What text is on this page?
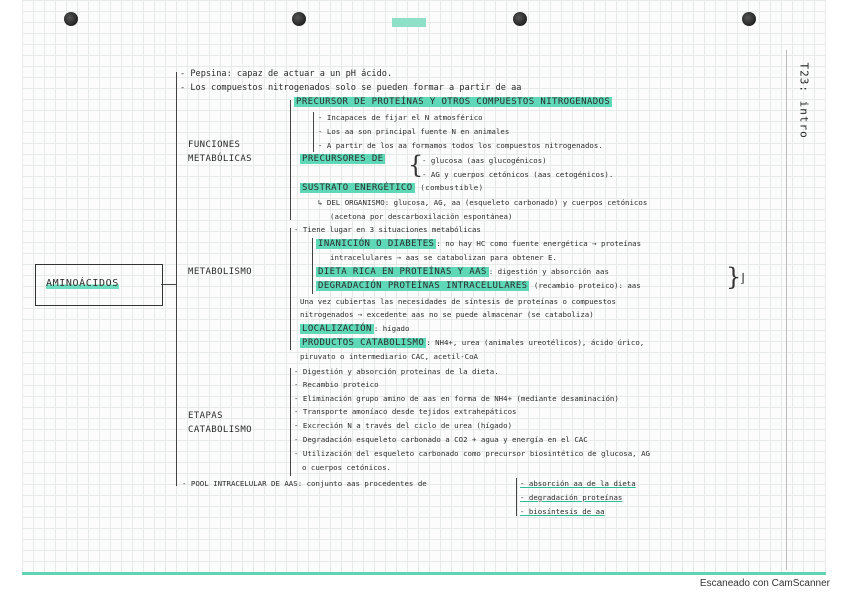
T23: intro
AMINOÁCIDOS
- Pepsina: capaz de actuar a un pH ácido.
- Los compuestos nitrogenados solo se pueden formar a partir de aa
FUNCIONES
METABÓLICAS
PRECURSOR DE PROTEÍNAS Y OTROS COMPUESTOS NITROGENADOS
- Incapaces de fijar el N atmosférico
- Los aa son principal fuente N en animales
- A partir de los aa formamos todos los compuestos nitrogenados.
PRECURSORES DE {
- glucosa (aas glucogénicos)
- AG y cuerpos cetónicos (aas cetogénicos).
SUSTRATO ENERGÉTICO (combustible)
↳ DEL ORGANISMO: glucosa, AG, aa (esqueleto carbonado) y cuerpos cetónicos
(acetona por descarboxilación espontánea)
METABOLISMO
- Tiene lugar en 3 situaciones metabólicas
INANICIÓN O DIABETES : no hay HC como fuente energética → proteínas
intracelulares → aas se catabolizan para obtener E.
DIETA RICA EN PROTEÍNAS Y AAS : digestión y absorción aas
DEGRADACIÓN PROTEÍNAS INTRACELULARES (recambio proteico): aas	}
⌋
Una vez cubiertas las necesidades de síntesis de proteínas o compuestos
nitrogenados → excedente aas no se puede almacenar (se cataboliza)
LOCALIZACIÓN : hígado
PRODUCTOS CATABOLISMO : NH4+, urea (animales ureotélicos), ácido úrico,
piruvato o intermediario CAC, acetil-CoA
ETAPAS
CATABOLISMO
- Digestión y absorción proteínas de la dieta.
- Recambio proteico
- Eliminación grupo amino de aas en forma de NH4+ (mediante desaminación)
- Transporte amoníaco desde tejidos extrahepáticos
- Excreción N a través del ciclo de urea (hígado)
- Degradación esqueleto carbonado a CO2 + agua y energía en el CAC
- Utilización del esqueleto carbonado como precursor biosintético de glucosa, AG
o cuerpos cetónicos.
- POOL INTRACELULAR DE AAS: conjunto aas procedentes de	- absorción aa de la dieta
- degradación proteínas
- biosíntesis de aa
Escaneado con CamScanner
